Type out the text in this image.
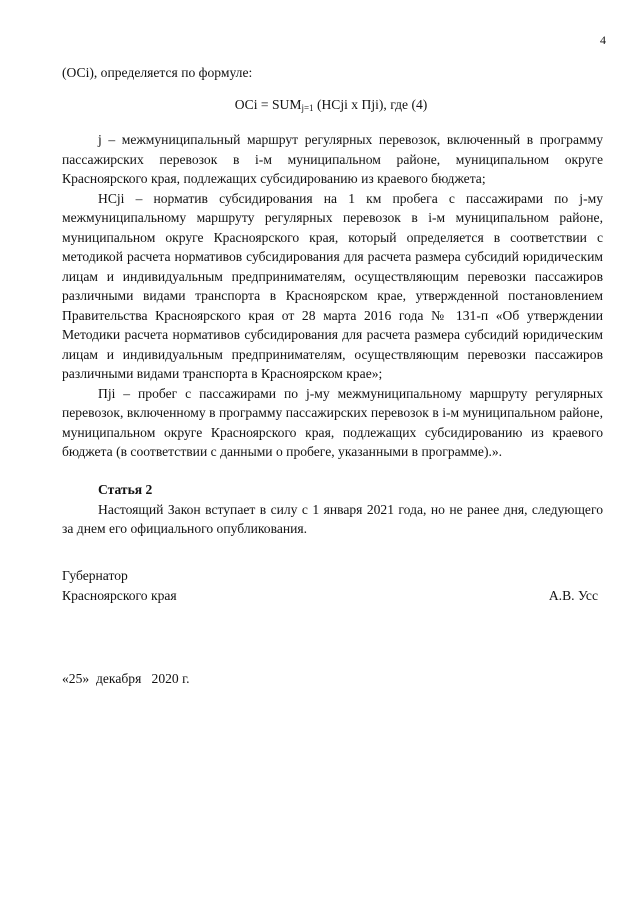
4
(ОСi), определяется по формуле:
ОСi = $SUM_{j=1}$ (НСji х Пji), где (4)

j – межмуниципальный маршрут регулярных перевозок, включенный в программу пассажирских перевозок в i-м муниципальном районе, муниципальном округе Красноярского края, подлежащих субсидированию из краевого бюджета;

НСji – норматив субсидирования на 1 км пробега с пассажирами по j-му межмуниципальному маршруту регулярных перевозок в i-м муниципальном районе, муниципальном округе Красноярского края, который определяется в соответствии с методикой расчета нормативов субсидирования для расчета размера субсидий юридическим лицам и индивидуальным предпринимателям, осуществляющим перевозки пассажиров различными видами транспорта в Красноярском крае, утвержденной постановлением Правительства Красноярского края от 28 марта 2016 года № 131-п «Об утверждении Методики расчета нормативов субсидирования для расчета размера субсидий юридическим лицам и индивидуальным предпринимателям, осуществляющим перевозки пассажиров различными видами транспорта в Красноярском крае»;

Пji – пробег с пассажирами по j-му межмуниципальному маршруту регулярных перевозок, включенному в программу пассажирских перевозок в i-м муниципальном районе, муниципальном округе Красноярского края, подлежащих субсидированию из краевого бюджета (в соответствии с данными о пробеге, указанными в программе).».

Статья 2

Настоящий Закон вступает в силу с 1 января 2021 года, но не ранее дня, следующего за днем его официального опубликования.

Губернатор
Красноярского края	А.В. Усс
«25»  декабря   2020 г.
